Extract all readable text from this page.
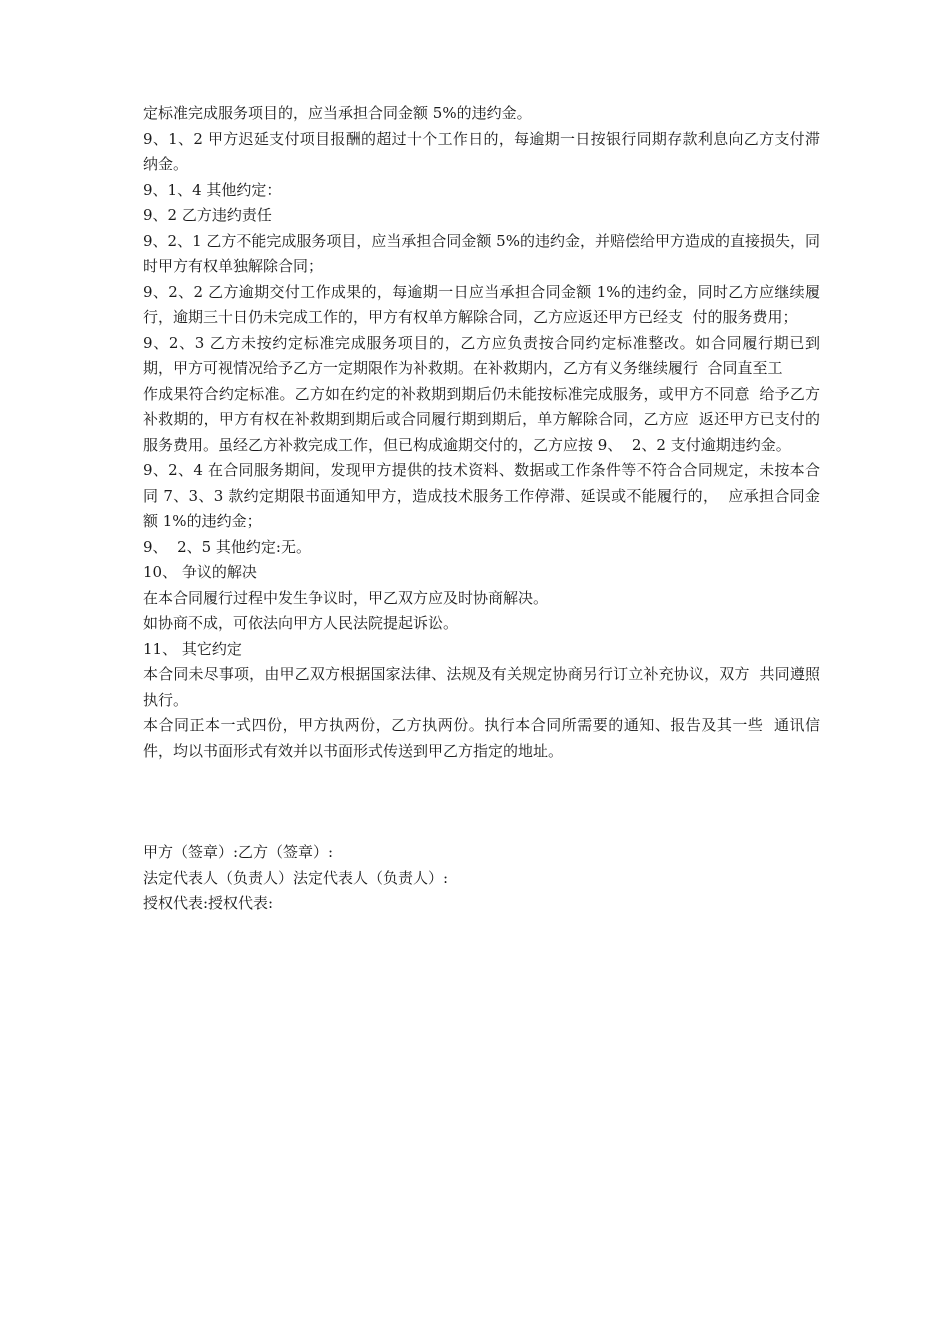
定标准完成服务项目的，应当承担合同金额 5%的违约金。

9、1、2 甲方迟延支付项目报酬的超过十个工作日的，每逾期一日按银行同期存款利息向乙方支付滞纳金。

9、1、4 其他约定：

9、2 乙方违约责任

9、2、1 乙方不能完成服务项目，应当承担合同金额 5%的违约金，并赔偿给甲方造成的直接损失，同时甲方有权单独解除合同；

9、2、2 乙方逾期交付工作成果的，每逾期一日应当承担合同金额 1%的违约金，同时乙方应继续履行，逾期三十日仍未完成工作的，甲方有权单方解除合同，乙方应返还甲方已经支  付的服务费用；

9、2、3 乙方未按约定标准完成服务项目的，乙方应负责按合同约定标准整改。如合同履行期已到期，甲方可视情况给予乙方一定期限作为补救期。在补救期内，乙方有义务继续履行  合同直至工

作成果符合约定标准。乙方如在约定的补救期到期后仍未能按标准完成服务，或甲方不同意  给予乙方补救期的，甲方有权在补救期到期后或合同履行期到期后，单方解除合同，乙方应  返还甲方已支付的服务费用。虽经乙方补救完成工作，但已构成逾期交付的，乙方应按 9、  2、2 支付逾期违约金。

9、2、4 在合同服务期间，发现甲方提供的技术资料、数据或工作条件等不符合合同规定，未按本合同 7、3、3 款约定期限书面通知甲方，造成技术服务工作停滞、延误或不能履行的，  应承担合同金额 1%的违约金；

9、  2、5 其他约定:无。

10、 争议的解决

在本合同履行过程中发生争议时，甲乙双方应及时协商解决。

如协商不成，可依法向甲方人民法院提起诉讼。

11、 其它约定

本合同未尽事项，由甲乙双方根据国家法律、法规及有关规定协商另行订立补充协议，双方  共同遵照执行。

本合同正本一式四份，甲方执两份，乙方执两份。执行本合同所需要的通知、报告及其一些  通讯信件，均以书面形式有效并以书面形式传送到甲乙方指定的地址。

甲方（签章）:乙方（签章）:

法定代表人（负责人）法定代表人（负责人）:

授权代表:授权代表:
